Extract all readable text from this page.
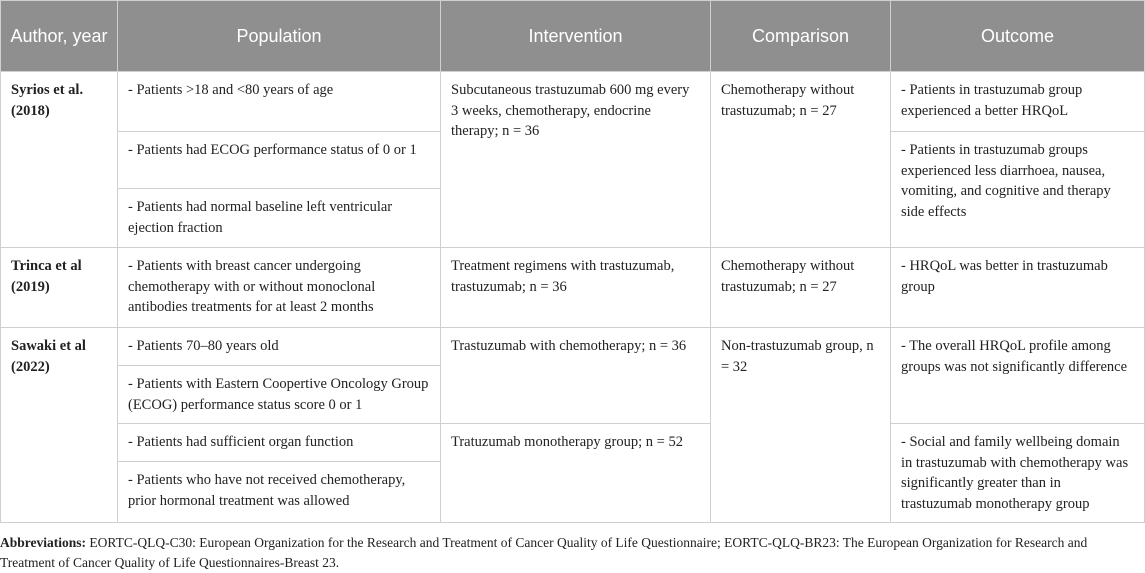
Author, year	Population	Intervention	Comparison	Outcome
Syrios et al. (2018)	- Patients >18 and <80 years of age	Subcutaneous trastuzumab 600 mg every 3 weeks, chemotherapy, endocrine therapy; n = 36	Chemotherapy without trastuzumab; n = 27	- Patients in trastuzumab group experienced a better HRQoL
	- Patients had ECOG performance status of 0 or 1			- Patients in trastuzumab groups experienced less diarrhoea, nausea, vomiting, and cognitive and therapy side effects
	- Patients had normal baseline left ventricular ejection fraction			
Trinca et al (2019)	- Patients with breast cancer undergoing chemotherapy with or without monoclonal antibodies treatments for at least 2 months	Treatment regimens with trastuzumab, trastuzumab; n = 36	Chemotherapy without trastuzumab; n = 27	- HRQoL was better in trastuzumab group
Sawaki et al (2022)	- Patients 70–80 years old	Trastuzumab with chemotherapy; n = 36	Non-trastuzumab group, n = 32	- The overall HRQoL profile among groups was not significantly difference
	- Patients with Eastern Coopertive Oncology Group (ECOG) performance status score 0 or 1			
	- Patients had sufficient organ function	Tratuzumab monotherapy group; n = 52		- Social and family wellbeing domain in trastuzumab with chemotherapy was significantly greater than in trastuzumab monotherapy group
	- Patients who have not received chemotherapy, prior hormonal treatment was allowed			
Abbreviations: EORTC-QLQ-C30: European Organization for the Research and Treatment of Cancer Quality of Life Questionnaire; EORTC-QLQ-BR23: The European Organization for Research and Treatment of Cancer Quality of Life Questionnaires-Breast 23.
